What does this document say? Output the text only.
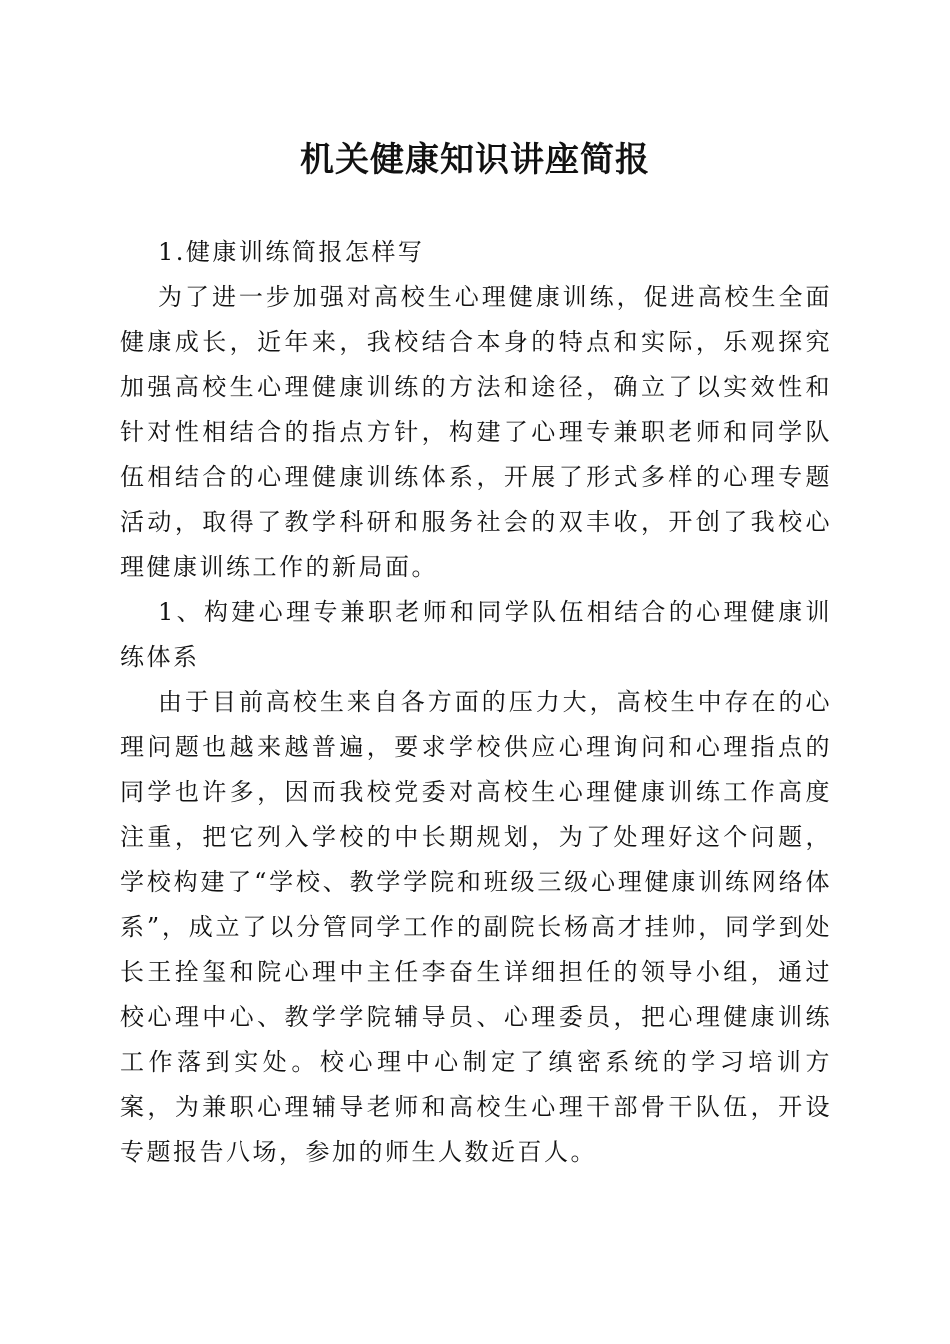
机关健康知识讲座简报

1.健康训练简报怎样写

为了进一步加强对高校生心理健康训练，促进高校生全面健康成长，近年来，我校结合本身的特点和实际，乐观探究加强高校生心理健康训练的方法和途径，确立了以实效性和针对性相结合的指点方针，构建了心理专兼职老师和同学队伍相结合的心理健康训练体系，开展了形式多样的心理专题活动，取得了教学科研和服务社会的双丰收，开创了我校心理健康训练工作的新局面。

1、构建心理专兼职老师和同学队伍相结合的心理健康训练体系

由于目前高校生来自各方面的压力大，高校生中存在的心理问题也越来越普遍，要求学校供应心理询问和心理指点的同学也许多，因而我校党委对高校生心理健康训练工作高度注重，把它列入学校的中长期规划，为了处理好这个问题，学校构建了“学校、教学学院和班级三级心理健康训练网络体系”，成立了以分管同学工作的副院长杨高才挂帅，同学到处长王拴玺和院心理中主任李奋生详细担任的领导小组，通过校心理中心、教学学院辅导员、心理委员，把心理健康训练工作落到实处。校心理中心制定了缜密系统的学习培训方案，为兼职心理辅导老师和高校生心理干部骨干队伍，开设专题报告八场，参加的师生人数近百人。
